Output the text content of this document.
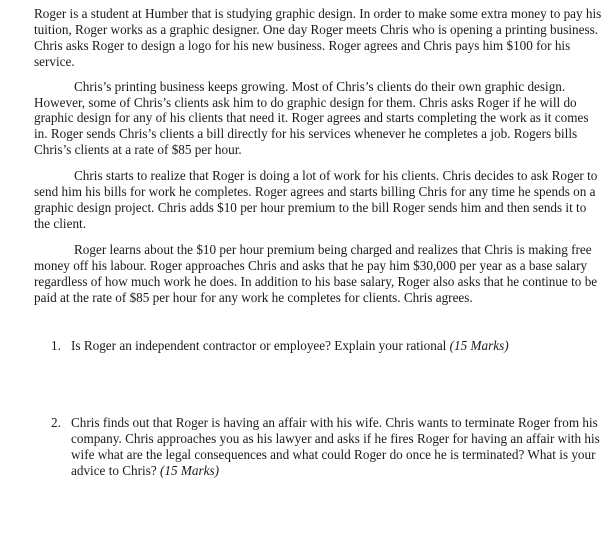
Roger is a student at Humber that is studying graphic design. In order to make some extra money to pay his tuition, Roger works as a graphic designer. One day Roger meets Chris who is opening a printing business. Chris asks Roger to design a logo for his new business. Roger agrees and Chris pays him $100 for his service.

Chris’s printing business keeps growing. Most of Chris’s clients do their own graphic design. However, some of Chris’s clients ask him to do graphic design for them. Chris asks Roger if he will do graphic design for any of his clients that need it. Roger agrees and starts completing the work as it comes in. Roger sends Chris’s clients a bill directly for his services whenever he completes a job. Rogers bills Chris’s clients at a rate of $85 per hour.

Chris starts to realize that Roger is doing a lot of work for his clients. Chris decides to ask Roger to send him his bills for work he completes. Roger agrees and starts billing Chris for any time he spends on a graphic design project. Chris adds $10 per hour premium to the bill Roger sends him and then sends it to the client.

Roger learns about the $10 per hour premium being charged and realizes that Chris is making free money off his labour. Roger approaches Chris and asks that he pay him $30,000 per year as a base salary regardless of how much work he does. In addition to his base salary, Roger also asks that he continue to be paid at the rate of $85 per hour for any work he completes for clients. Chris agrees.

1. Is Roger an independent contractor or employee? Explain your rational (15 Marks)
2. Chris finds out that Roger is having an affair with his wife. Chris wants to terminate Roger from his company. Chris approaches you as his lawyer and asks if he fires Roger for having an affair with his wife what are the legal consequences and what could Roger do once he is terminated? What is your advice to Chris? (15 Marks)
